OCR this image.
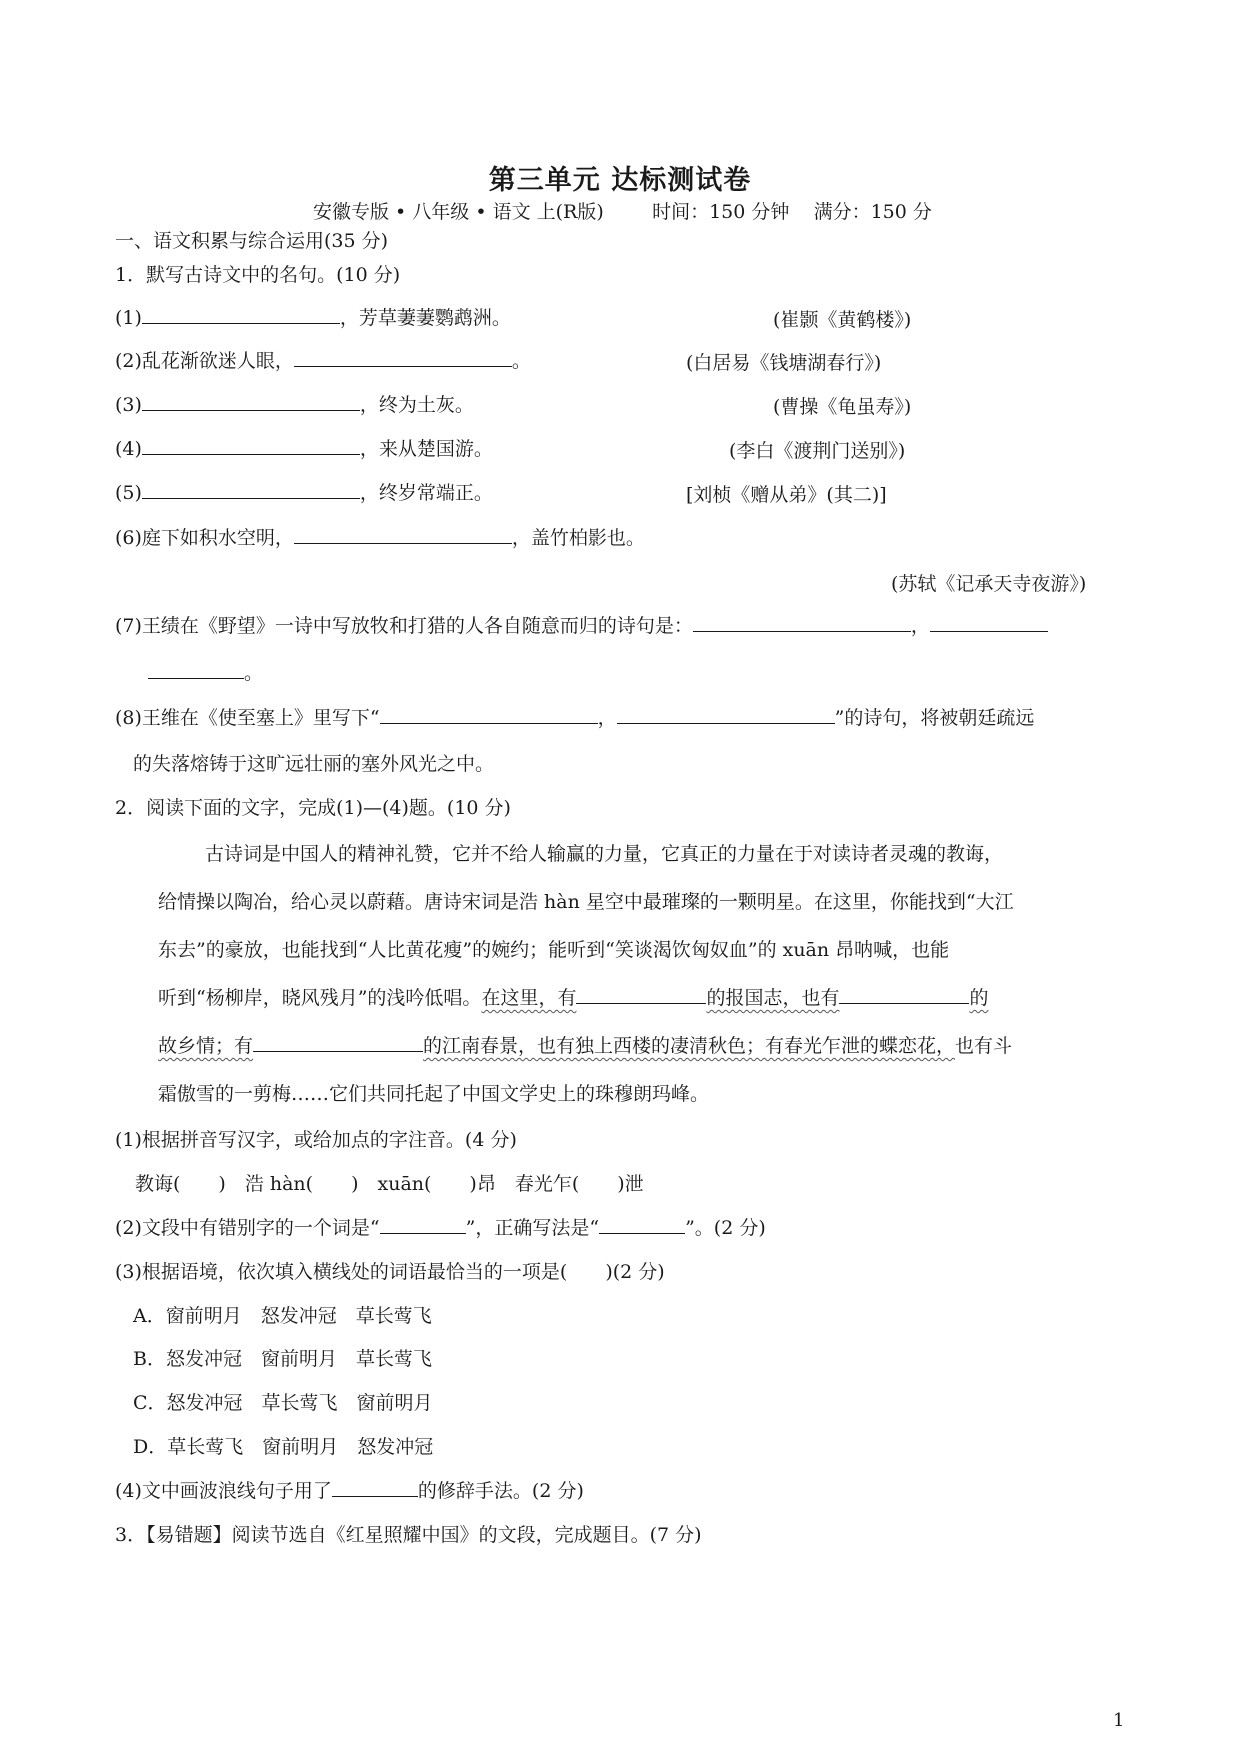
第三单元 达标测试卷
安徽专版 • 八年级 • 语文 上(R版)	时间：150 分钟 满分：150 分
一、语文积累与综合运用(35 分)
1．默写古诗文中的名句。(10 分)
(1)	，芳草萋萋鹦鹉洲。	(崔颢《黄鹤楼》)
(2)乱花渐欲迷人眼，	。	(白居易《钱塘湖春行》)
(3)	，终为土灰。	(曹操《龟虽寿》)
(4)	，来从楚国游。	(李白《渡荆门送别》)
(5)	，终岁常端正。	[刘桢《赠从弟》(其二)]
(6)庭下如积水空明，	，盖竹柏影也。
(苏轼《记承天寺夜游》)
(7)王绩在《野望》一诗中写放牧和打猎的人各自随意而归的诗句是：	，
。
(8)王维在《使至塞上》里写下“	，	”的诗句，将被朝廷疏远
的失落熔铸于这旷远壮丽的塞外风光之中。
2．阅读下面的文字，完成(1)—(4)题。(10 分)
古诗词是中国人的精神礼赞，它并不给人输赢的力量，它真正的力量在于对读诗者灵魂的教诲，
给情操以陶冶，给心灵以蔚藉。唐诗宋词是浩 hàn 星空中最璀璨的一颗明星。在这里，你能找到“大江
东去”的豪放，也能找到“人比黄花瘦”的婉约；能听到“笑谈渴饮匈奴血”的 xuān 昂呐喊，也能
听到“杨柳岸，晓风残月”的浅吟低唱。在这里，有	的报国志，也有	的
故乡情；有	的江南春景，也有独上西楼的凄清秋色；有春光乍泄的蝶恋花，也有斗
霜傲雪的一剪梅……它们共同托起了中国文学史上的珠穆朗玛峰。
(1)根据拼音写汉字，或给加点的字注音。(4 分)
教诲(　　)　浩 hàn(　　)　xuān(　　)昂　春光乍(　　)泄
(2)文段中有错别字的一个词是“	”，正确写法是“	”。(2 分)
(3)根据语境，依次填入横线处的词语最恰当的一项是(　　)(2 分)
A．窗前明月　怒发冲冠　草长莺飞
B．怒发冲冠　窗前明月　草长莺飞
C．怒发冲冠　草长莺飞　窗前明月
D．草长莺飞　窗前明月　怒发冲冠
(4)文中画波浪线句子用了	的修辞手法。(2 分)
3．【易错题】阅读节选自《红星照耀中国》的文段，完成题目。(7 分)
1
